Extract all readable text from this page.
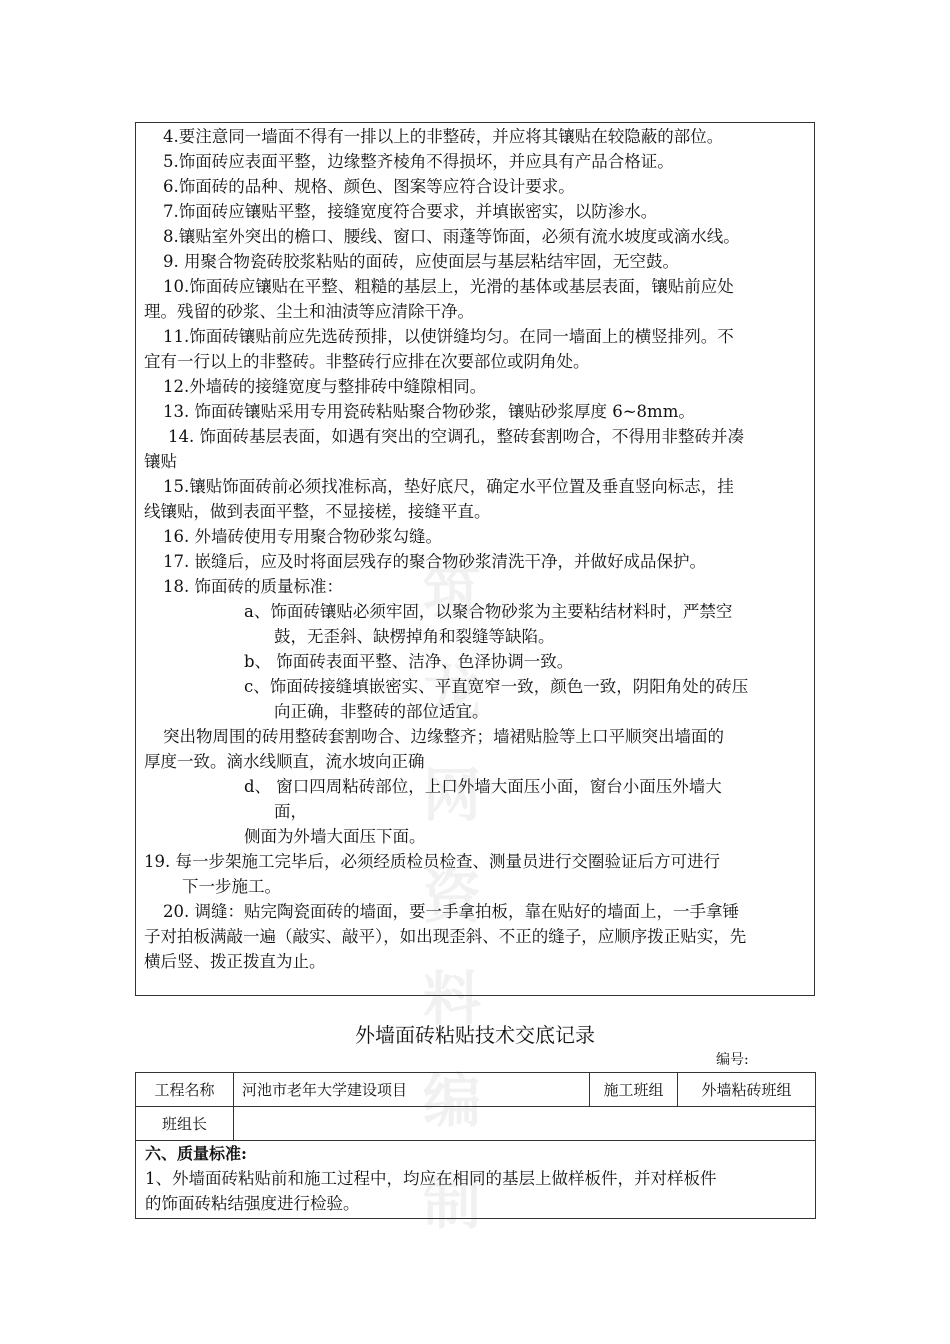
筑龙网资料编制
4.要注意同一墙面不得有一排以上的非整砖，并应将其镶贴在较隐蔽的部位。
5.饰面砖应表面平整，边缘整齐棱角不得损坏，并应具有产品合格证。
6.饰面砖的品种、规格、颜色、图案等应符合设计要求。
7.饰面砖应镶贴平整，接缝宽度符合要求，并填嵌密实，以防渗水。
8.镶贴室外突出的檐口、腰线、窗口、雨蓬等饰面，必须有流水坡度或滴水线。
9. 用聚合物瓷砖胶浆粘贴的面砖，应使面层与基层粘结牢固，无空鼓。
10.饰面砖应镶贴在平整、粗糙的基层上，光滑的基体或基层表面，镶贴前应处
理。残留的砂浆、尘土和油渍等应清除干净。
11.饰面砖镶贴前应先选砖预排，以使饼缝均匀。在同一墙面上的横竖排列。不
宜有一行以上的非整砖。非整砖行应排在次要部位或阴角处。
12.外墙砖的接缝宽度与整排砖中缝隙相同。
13. 饰面砖镶贴采用专用瓷砖粘贴聚合物砂浆，镶贴砂浆厚度 6~8mm。
14. 饰面砖基层表面，如遇有突出的空调孔，整砖套割吻合，不得用非整砖并凑
镶贴
15.镶贴饰面砖前必须找准标高，垫好底尺，确定水平位置及垂直竖向标志，挂
线镶贴，做到表面平整，不显接槎，接缝平直。
16. 外墙砖使用专用聚合物砂浆勾缝。
17. 嵌缝后，应及时将面层残存的聚合物砂浆清洗干净，并做好成品保护。
18. 饰面砖的质量标准：
a、饰面砖镶贴必须牢固，以聚合物砂浆为主要粘结材料时，严禁空
鼓，无歪斜、缺楞掉角和裂缝等缺陷。
b、 饰面砖表面平整、洁净、色泽协调一致。
c、饰面砖接缝填嵌密实、平直宽窄一致，颜色一致，阴阳角处的砖压
向正确，非整砖的部位适宜。
突出物周围的砖用整砖套割吻合、边缘整齐；墙裙贴脸等上口平顺突出墙面的
厚度一致。滴水线顺直，流水坡向正确
d、 窗口四周粘砖部位，上口外墙大面压小面，窗台小面压外墙大
面，
侧面为外墙大面压下面。
19. 每一步架施工完毕后，必须经质检员检查、测量员进行交圈验证后方可进行
下一步施工。
20. 调缝：贴完陶瓷面砖的墙面，要一手拿拍板，靠在贴好的墙面上，一手拿锤
子对拍板满敲一遍（敲实、敲平），如出现歪斜、不正的缝子，应顺序拨正贴实，先
横后竖、拨正拨直为止。
外墙面砖粘贴技术交底记录
编号:
工程名称	河池市老年大学建设项目	施工班组	外墙粘砖班组
班组长			
六、质量标准:
1、外墙面砖粘贴前和施工过程中，均应在相同的基层上做样板件，并对样板件
的饰面砖粘结强度进行检验。
